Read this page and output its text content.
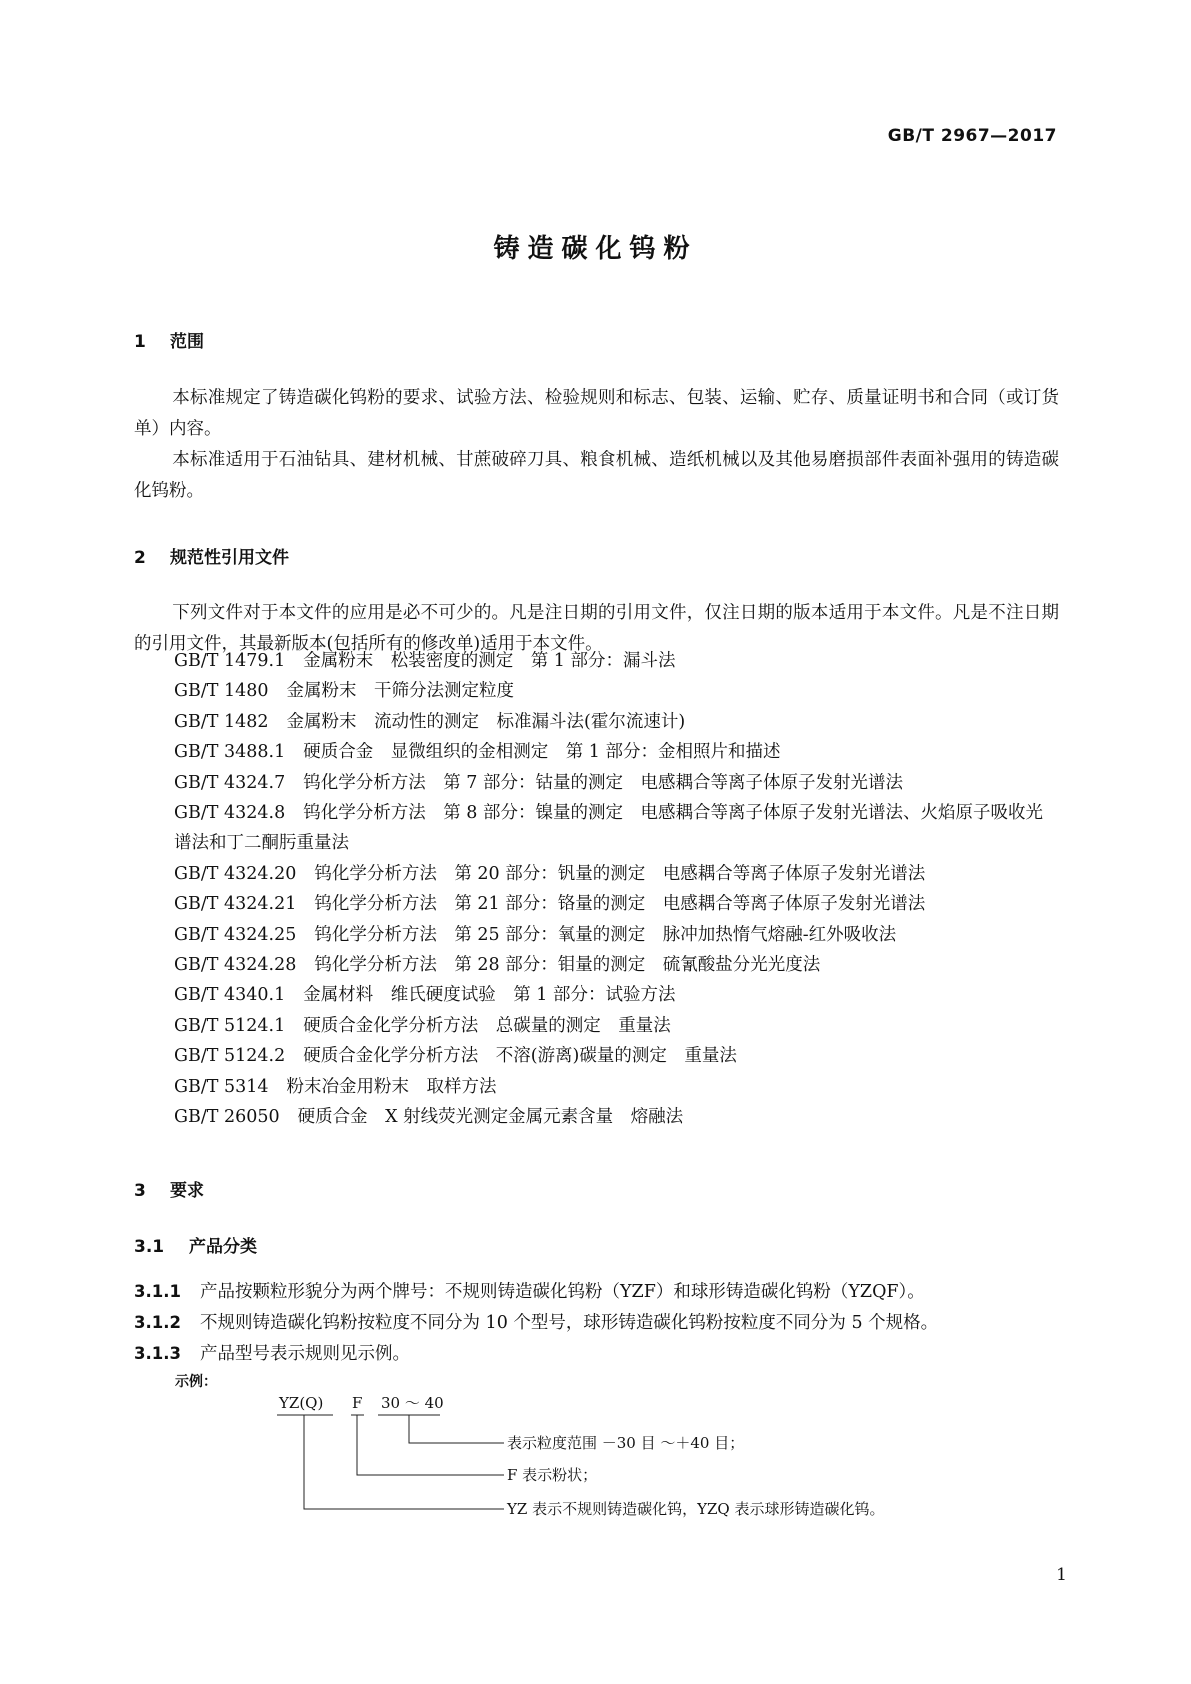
GB/T 2967—2017
铸造碳化钨粉
1 范围
本标准规定了铸造碳化钨粉的要求、试验方法、检验规则和标志、包装、运输、贮存、质量证明书和合同（或订货单）内容。
本标准适用于石油钻具、建材机械、甘蔗破碎刀具、粮食机械、造纸机械以及其他易磨损部件表面补强用的铸造碳化钨粉。
2 规范性引用文件
下列文件对于本文件的应用是必不可少的。凡是注日期的引用文件，仅注日期的版本适用于本文件。凡是不注日期的引用文件，其最新版本(包括所有的修改单)适用于本文件。
GB/T 1479.1 金属粉末　松装密度的测定　第 1 部分：漏斗法
GB/T 1480 金属粉末　干筛分法测定粒度
GB/T 1482 金属粉末　流动性的测定　标准漏斗法(霍尔流速计)
GB/T 3488.1 硬质合金　显微组织的金相测定　第 1 部分：金相照片和描述
GB/T 4324.7 钨化学分析方法　第 7 部分：钴量的测定　电感耦合等离子体原子发射光谱法
GB/T 4324.8 钨化学分析方法　第 8 部分：镍量的测定　电感耦合等离子体原子发射光谱法、火焰原子吸收光谱法和丁二酮肟重量法
GB/T 4324.20 钨化学分析方法　第 20 部分：钒量的测定　电感耦合等离子体原子发射光谱法
GB/T 4324.21 钨化学分析方法　第 21 部分：铬量的测定　电感耦合等离子体原子发射光谱法
GB/T 4324.25 钨化学分析方法　第 25 部分：氧量的测定　脉冲加热惰气熔融-红外吸收法
GB/T 4324.28 钨化学分析方法　第 28 部分：钼量的测定　硫氰酸盐分光光度法
GB/T 4340.1 金属材料　维氏硬度试验　第 1 部分：试验方法
GB/T 5124.1 硬质合金化学分析方法　总碳量的测定　重量法
GB/T 5124.2 硬质合金化学分析方法　不溶(游离)碳量的测定　重量法
GB/T 5314 粉末冶金用粉末　取样方法
GB/T 26050 硬质合金　X 射线荧光测定金属元素含量　熔融法
3 要求
3.1 产品分类
3.1.1 产品按颗粒形貌分为两个牌号：不规则铸造碳化钨粉（YZF）和球形铸造碳化钨粉（YZQF）。
3.1.2 不规则铸造碳化钨粉按粒度不同分为 10 个型号，球形铸造碳化钨粉按粒度不同分为 5 个规格。
3.1.3 产品型号表示规则见示例。
示例：
YZ(Q) F 30 ～ 40
表示粒度范围 －30 目 ～＋40 目；
F 表示粉状；
YZ 表示不规则铸造碳化钨，YZQ 表示球形铸造碳化钨。
1
